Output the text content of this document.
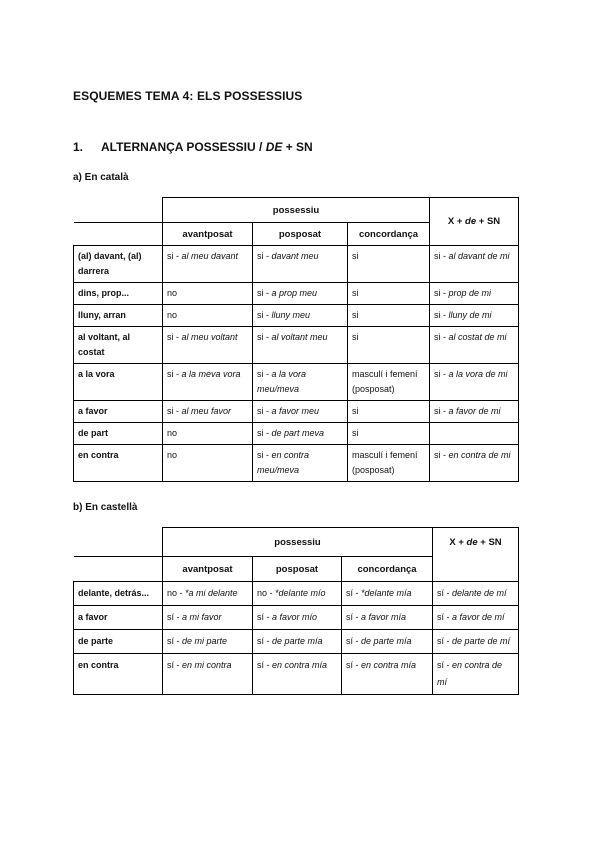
ESQUEMES TEMA 4: ELS POSSESSIUS
1. ALTERNANÇA POSSESSIU / DE + SN
a) En català
	possessiu			X + de + SN
	avantposat	posposat	concordança	
(al) davant, (al) darrera	si - al meu davant	si - davant meu	si	si - al davant de mi
dins, prop...	no	si - a prop meu	si	si - prop de mi
lluny, arran	no	si - lluny meu	si	si - lluny de mi
al voltant, al costat	si - al meu voltant	si - al voltant meu	si	si - al costat de mi
a la vora	si - a la meva vora	si - a la vora meu/meva	masculí i femení (posposat)	si - a la vora de mi
a favor	si - al meu favor	si - a favor meu	si	si - a favor de mi
de part	no	si - de part meva	si	
en contra	no	si - en contra meu/meva	masculí i femení (posposat)	si - en contra de mi
b) En castellà
	possessiu			X + de + SN
	avantposat	posposat	concordança	
delante, detrás...	no - *a mi delante	no - *delante mío	sí - *delante mía	sí - delante de mí
a favor	sí - a mi favor	sí - a favor mío	sí - a favor mía	sí - a favor de mí
de parte	sí - de mi parte	sí - de parte mía	sí - de parte mía	sí - de parte de mí
en contra	sí - en mi contra	sí - en contra mía	sí - en contra mía	sí - en contra de mí
